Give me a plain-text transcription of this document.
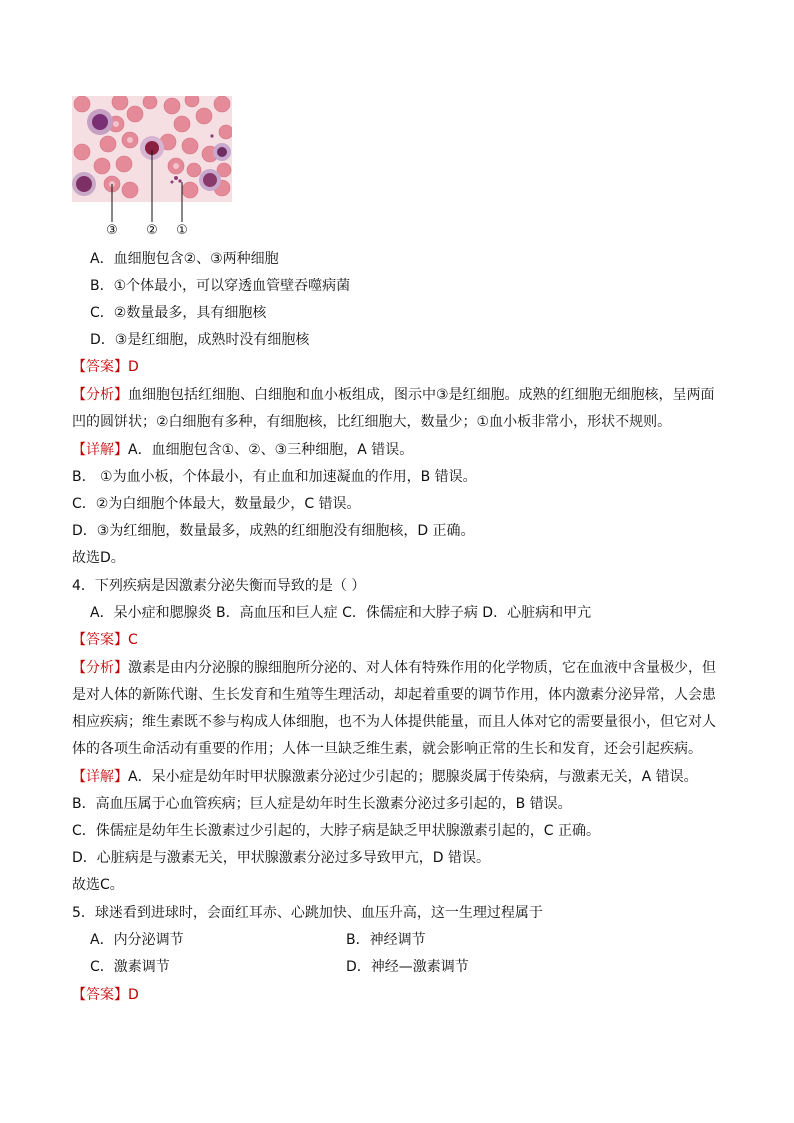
③ ② ①
A．血细胞包含②、③两种细胞
B．①个体最小，可以穿透血管壁吞噬病菌
C．②数量最多，具有细胞核
D．③是红细胞，成熟时没有细胞核
【答案】D
【分析】血细胞包括红细胞、白细胞和血小板组成，图示中③是红细胞。成熟的红细胞无细胞核，呈两面
凹的圆饼状；②白细胞有多种，有细胞核，比红细胞大，数量少；①血小板非常小，形状不规则。
【详解】A．血细胞包含①、②、③三种细胞，A 错误。
B． ①为血小板，个体最小，有止血和加速凝血的作用，B 错误。
C．②为白细胞个体最大，数量最少，C 错误。
D．③为红细胞，数量最多，成熟的红细胞没有细胞核，D 正确。
故选D。
4．下列疾病是因激素分泌失衡而导致的是（ ）
A．呆小症和腮腺炎 B．高血压和巨人症 C．侏儒症和大脖子病 D．心脏病和甲亢
【答案】C
【分析】激素是由内分泌腺的腺细胞所分泌的、对人体有特殊作用的化学物质，它在血液中含量极少，但
是对人体的新陈代谢、生长发育和生殖等生理活动，却起着重要的调节作用，体内激素分泌异常，人会患
相应疾病；维生素既不参与构成人体细胞，也不为人体提供能量，而且人体对它的需要量很小，但它对人
体的各项生命活动有重要的作用；人体一旦缺乏维生素，就会影响正常的生长和发育，还会引起疾病。
【详解】A．呆小症是幼年时甲状腺激素分泌过少引起的；腮腺炎属于传染病，与激素无关，A 错误。
B．高血压属于心血管疾病；巨人症是幼年时生长激素分泌过多引起的，B 错误。
C．侏儒症是幼年生长激素过少引起的，大脖子病是缺乏甲状腺激素引起的，C 正确。
D．心脏病是与激素无关，甲状腺激素分泌过多导致甲亢，D 错误。
故选C。
5．球迷看到进球时，会面红耳赤、心跳加快、血压升高，这一生理过程属于
A．内分泌调节	B．神经调节
C．激素调节	D．神经—激素调节
【答案】D
